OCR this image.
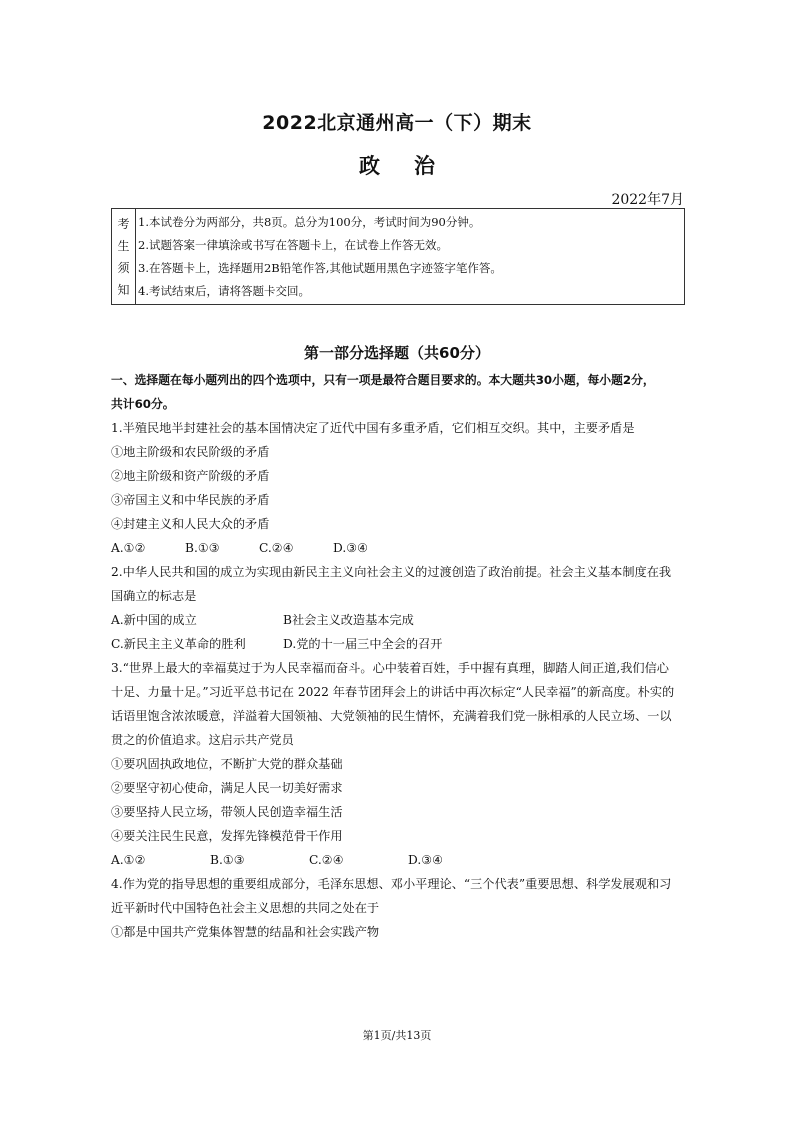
2022北京通州高一（下）期末
政治
2022年7月
考
生
须
知
1.本试卷分为两部分，共8页。总分为100分，考试时间为90分钟。
2.试题答案一律填涂或书写在答题卡上，在试卷上作答无效。
3.在答题卡上，选择题用2B铅笔作答,其他试题用黑色字迹签字笔作答。
4.考试结束后，请将答题卡交回。
第一部分选择题（共60分）
一、选择题在每小题列出的四个选项中，只有一项是最符合题目要求的。本大题共30小题，每小题2分，
共计60分。
1.半殖民地半封建社会的基本国情决定了近代中国有多重矛盾，它们相互交织。其中，主要矛盾是
①地主阶级和农民阶级的矛盾
②地主阶级和资产阶级的矛盾
③帝国主义和中华民族的矛盾
④封建主义和人民大众的矛盾
A.①②	B.①③	C.②④	D.③④
2.中华人民共和国的成立为实现由新民主主义向社会主义的过渡创造了政治前提。社会主义基本制度在我
国确立的标志是
A.新中国的成立	B社会主义改造基本完成
C.新民主主义革命的胜利	D.党的十一届三中全会的召开
3.“世界上最大的幸福莫过于为人民幸福而奋斗。心中装着百姓，手中握有真理，脚踏人间正道,我们信心
十足、力量十足。”习近平总书记在 2022 年春节团拜会上的讲话中再次标定“人民幸福”的新高度。朴实的
话语里饱含浓浓暖意，洋溢着大国领袖、大党领袖的民生情怀，充满着我们党一脉相承的人民立场、一以
贯之的价值追求。这启示共产党员
①要巩固执政地位，不断扩大党的群众基础
②要坚守初心使命，满足人民一切美好需求
③要坚持人民立场，带领人民创造幸福生活
④要关注民生民意，发挥先锋模范骨干作用
A.①②	B.①③	C.②④	D.③④
4.作为党的指导思想的重要组成部分，毛泽东思想、邓小平理论、“三个代表”重要思想、科学发展观和习
近平新时代中国特色社会主义思想的共同之处在于
①都是中国共产党集体智慧的结晶和社会实践产物
第1页/共13页
